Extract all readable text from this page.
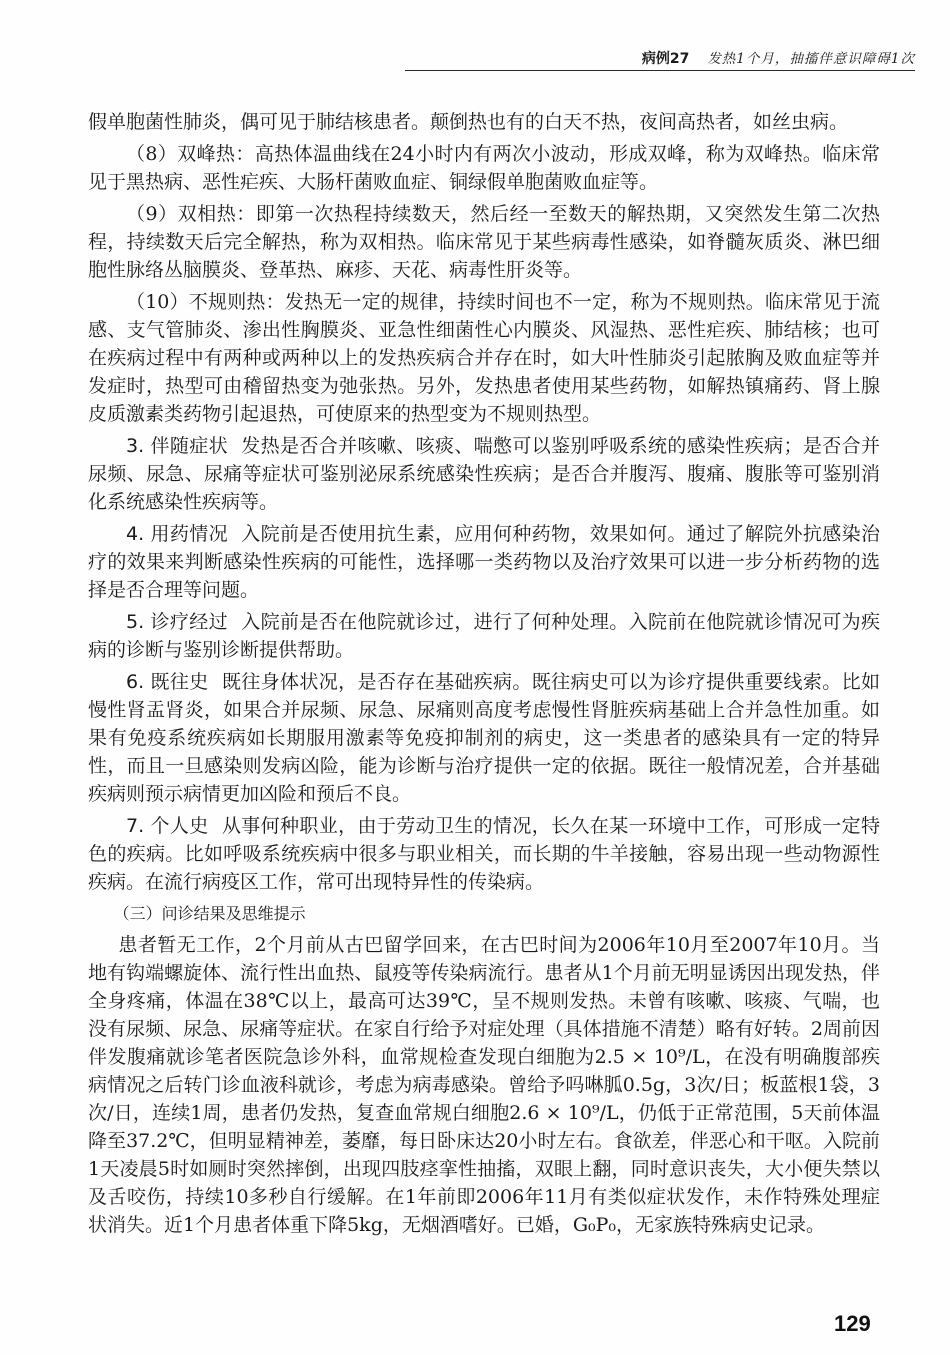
病例27 发热1个月，抽搐伴意识障碍1次

假单胞菌性肺炎，偶可见于肺结核患者。颠倒热也有的白天不热，夜间高热者，如丝虫病。

（8）双峰热：高热体温曲线在24小时内有两次小波动，形成双峰，称为双峰热。临床常见于黑热病、恶性疟疾、大肠杆菌败血症、铜绿假单胞菌败血症等。

（9）双相热：即第一次热程持续数天，然后经一至数天的解热期，又突然发生第二次热程，持续数天后完全解热，称为双相热。临床常见于某些病毒性感染，如脊髓灰质炎、淋巴细胞性脉络丛脑膜炎、登革热、麻疹、天花、病毒性肝炎等。

（10）不规则热：发热无一定的规律，持续时间也不一定，称为不规则热。临床常见于流感、支气管肺炎、渗出性胸膜炎、亚急性细菌性心内膜炎、风湿热、恶性疟疾、肺结核；也可在疾病过程中有两种或两种以上的发热疾病合并存在时，如大叶性肺炎引起脓胸及败血症等并发症时，热型可由稽留热变为弛张热。另外，发热患者使用某些药物，如解热镇痛药、肾上腺皮质激素类药物引起退热，可使原来的热型变为不规则热型。

3. 伴随症状 发热是否合并咳嗽、咳痰、喘憋可以鉴别呼吸系统的感染性疾病；是否合并尿频、尿急、尿痛等症状可鉴别泌尿系统感染性疾病；是否合并腹泻、腹痛、腹胀等可鉴别消化系统感染性疾病等。

4. 用药情况 入院前是否使用抗生素，应用何种药物，效果如何。通过了解院外抗感染治疗的效果来判断感染性疾病的可能性，选择哪一类药物以及治疗效果可以进一步分析药物的选择是否合理等问题。

5. 诊疗经过 入院前是否在他院就诊过，进行了何种处理。入院前在他院就诊情况可为疾病的诊断与鉴别诊断提供帮助。

6. 既往史 既往身体状况，是否存在基础疾病。既往病史可以为诊疗提供重要线索。比如慢性肾盂肾炎，如果合并尿频、尿急、尿痛则高度考虑慢性肾脏疾病基础上合并急性加重。如果有免疫系统疾病如长期服用激素等免疫抑制剂的病史，这一类患者的感染具有一定的特异性，而且一旦感染则发病凶险，能为诊断与治疗提供一定的依据。既往一般情况差，合并基础疾病则预示病情更加凶险和预后不良。

7. 个人史 从事何种职业，由于劳动卫生的情况，长久在某一环境中工作，可形成一定特色的疾病。比如呼吸系统疾病中很多与职业相关，而长期的牛羊接触，容易出现一些动物源性疾病。在流行病疫区工作，常可出现特异性的传染病。

（三）问诊结果及思维提示

患者暂无工作，2个月前从古巴留学回来，在古巴时间为2006年10月至2007年10月。当地有钩端螺旋体、流行性出血热、鼠疫等传染病流行。患者从1个月前无明显诱因出现发热，伴全身疼痛，体温在38℃以上，最高可达39℃，呈不规则发热。未曾有咳嗽、咳痰、气喘，也没有尿频、尿急、尿痛等症状。在家自行给予对症处理（具体措施不清楚）略有好转。2周前因伴发腹痛就诊笔者医院急诊外科，血常规检查发现白细胞为2.5 × 10⁹/L，在没有明确腹部疾病情况之后转门诊血液科就诊，考虑为病毒感染。曾给予吗啉胍0.5g，3次/日；板蓝根1袋，3次/日，连续1周，患者仍发热，复查血常规白细胞2.6 × 10⁹/L，仍低于正常范围，5天前体温降至37.2℃，但明显精神差，萎靡，每日卧床达20小时左右。食欲差，伴恶心和干呕。入院前1天凌晨5时如厕时突然摔倒，出现四肢痉挛性抽搐，双眼上翻，同时意识丧失，大小便失禁以及舌咬伤，持续10多秒自行缓解。在1年前即2006年11月有类似症状发作，未作特殊处理症状消失。近1个月患者体重下降5kg，无烟酒嗜好。已婚，G₀P₀，无家族特殊病史记录。

129
